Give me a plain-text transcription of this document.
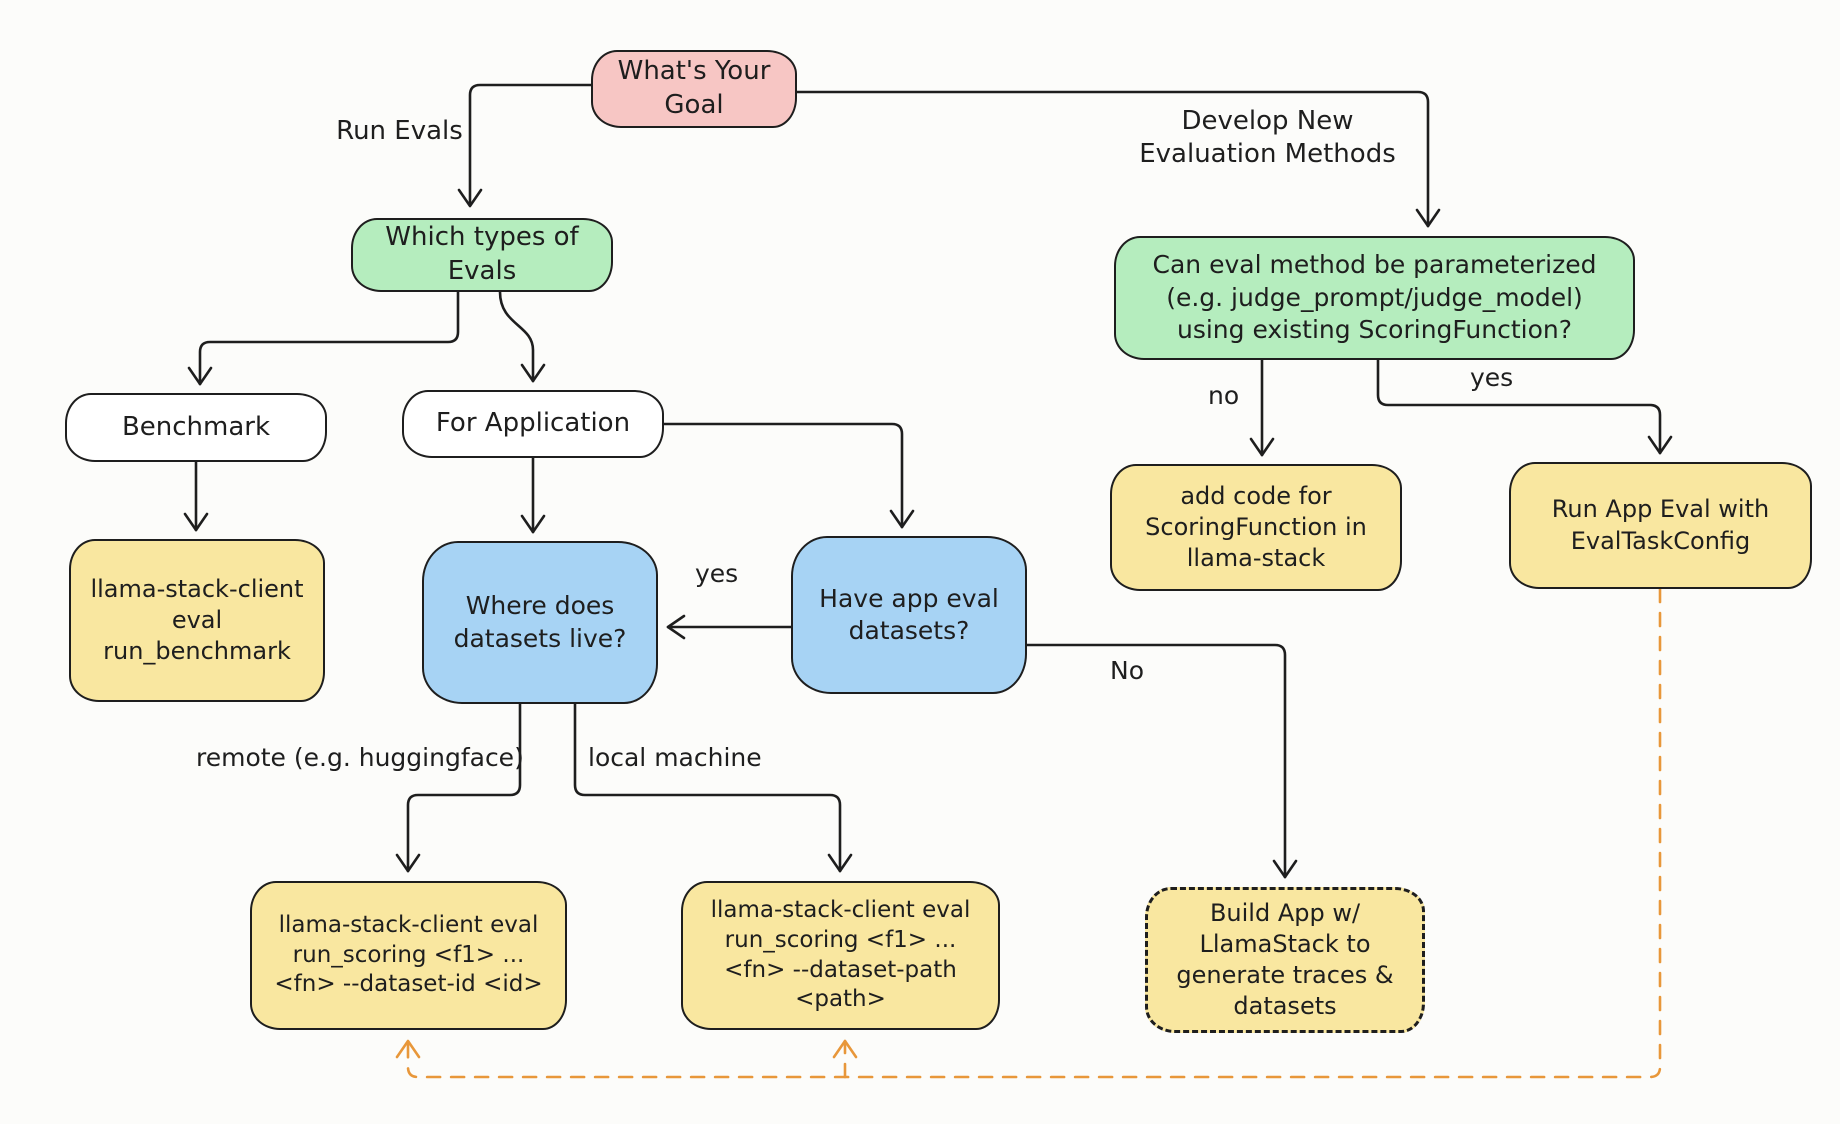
What's Your Goal
Which types of Evals	Can eval method be parameterized (e.g. judge_prompt/judge_model) using existing ScoringFunction?
Benchmark	For Application
llama-stack-client eval run_benchmark
Where does datasets live?
Have app eval datasets?
add code for ScoringFunction in llama-stack
Run App Eval with EvalTaskConfig
llama-stack-client eval run_scoring <f1> ... <fn> --dataset-id <id>
llama-stack-client eval run_scoring <f1> ... <fn> --dataset-path <path>
Build App w/ LlamaStack to generate traces & datasets
Run Evals	Develop New Evaluation Methods
no
yes
yes
No
remote (e.g. huggingface)	local machine
